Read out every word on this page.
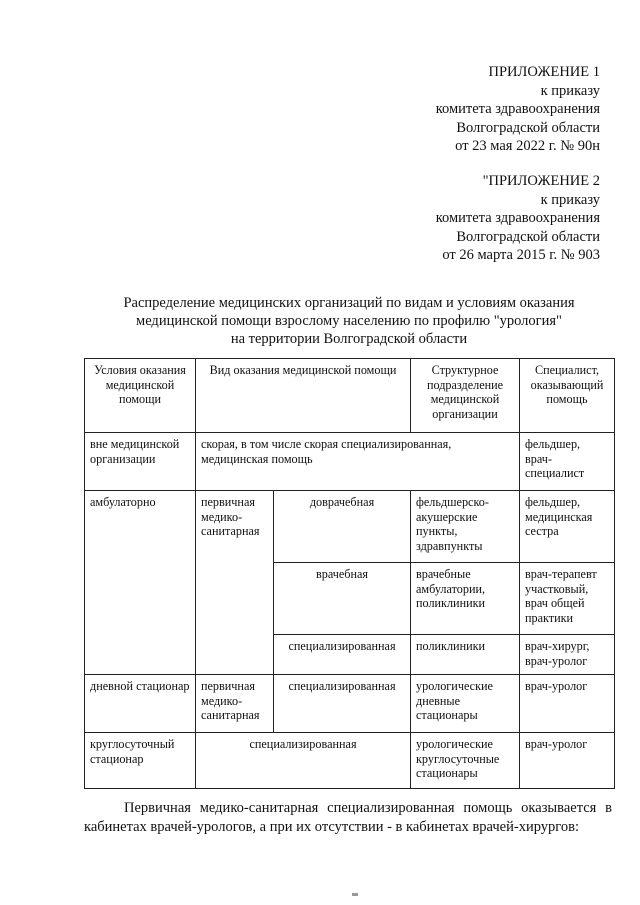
ПРИЛОЖЕНИЕ 1
к приказу
комитета здравоохранения
Волгоградской области
от 23 мая 2022 г. № 90н
"ПРИЛОЖЕНИЕ 2
к приказу
комитета здравоохранения
Волгоградской области
от 26 марта 2015 г. № 903
Распределение медицинских организаций по видам и условиям оказания
медицинской помощи взрослому населению по профилю "урология"
на территории Волгоградской области
Условия оказания медицинской помощи	Вид оказания медицинской помощи		Структурное подразделение медицинской организации	Специалист, оказывающий помощь
вне медицинской организации	скорая, в том числе скорая специализированная, медицинская помощь			фельдшер, врач-специалист
амбулаторно	первичная медико-санитарная	доврачебная	фельдшерско-акушерские пункты, здравпункты	фельдшер, медицинская сестра
		врачебная	врачебные амбулатории, поликлиники	врач-терапевт участковый, врач общей практики
		специализированная	поликлиники	врач-хирург, врач-уролог
дневной стационар	первичная медико-санитарная	специализированная	урологические дневные стационары	врач-уролог
круглосуточный стационар	специализированная		урологические круглосуточные стационары	врач-уролог
Первичная медико-санитарная специализированная помощь оказывается в кабинетах врачей-урологов, а при их отсутствии - в кабинетах врачей-хирургов:
